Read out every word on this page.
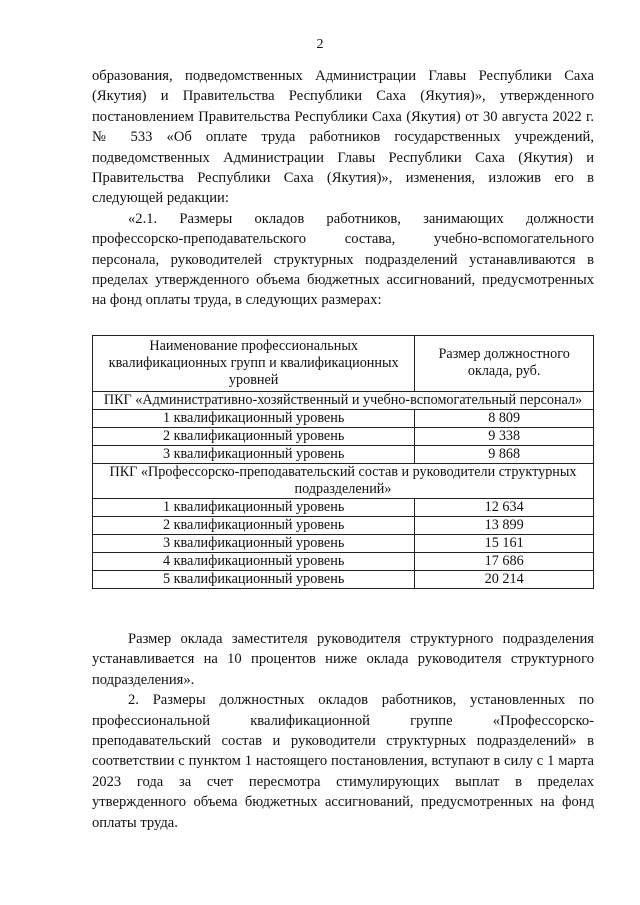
2

образования, подведомственных Администрации Главы Республики Саха (Якутия) и Правительства Республики Саха (Якутия)», утвержденного постановлением Правительства Республики Саха (Якутия) от 30 августа 2022 г. № 533 «Об оплате труда работников государственных учреждений, подведомственных Администрации Главы Республики Саха (Якутия) и Правительства Республики Саха (Якутия)», изменения, изложив его в следующей редакции:

«2.1. Размеры окладов работников, занимающих должности профессорско-преподавательского состава, учебно-вспомогательного персонала, руководителей структурных подразделений устанавливаются в пределах утвержденного объема бюджетных ассигнований, предусмотренных на фонд оплаты труда, в следующих размерах:

Наименование профессиональных квалификационных групп и квалификационных уровней	Размер должностного оклада, руб.
ПКГ «Административно-хозяйственный и учебно-вспомогательный персонал»	
1 квалификационный уровень	8 809
2 квалификационный уровень	9 338
3 квалификационный уровень	9 868
ПКГ «Профессорско-преподавательский состав и руководители структурных подразделений»	
1 квалификационный уровень	12 634
2 квалификационный уровень	13 899
3 квалификационный уровень	15 161
4 квалификационный уровень	17 686
5 квалификационный уровень	20 214

Размер оклада заместителя руководителя структурного подразделения устанавливается на 10 процентов ниже оклада руководителя структурного подразделения».

2. Размеры должностных окладов работников, установленных по профессиональной квалификационной группе «Профессорско-преподавательский состав и руководители структурных подразделений» в соответствии с пунктом 1 настоящего постановления, вступают в силу с 1 марта 2023 года за счет пересмотра стимулирующих выплат в пределах утвержденного объема бюджетных ассигнований, предусмотренных на фонд оплаты труда.
